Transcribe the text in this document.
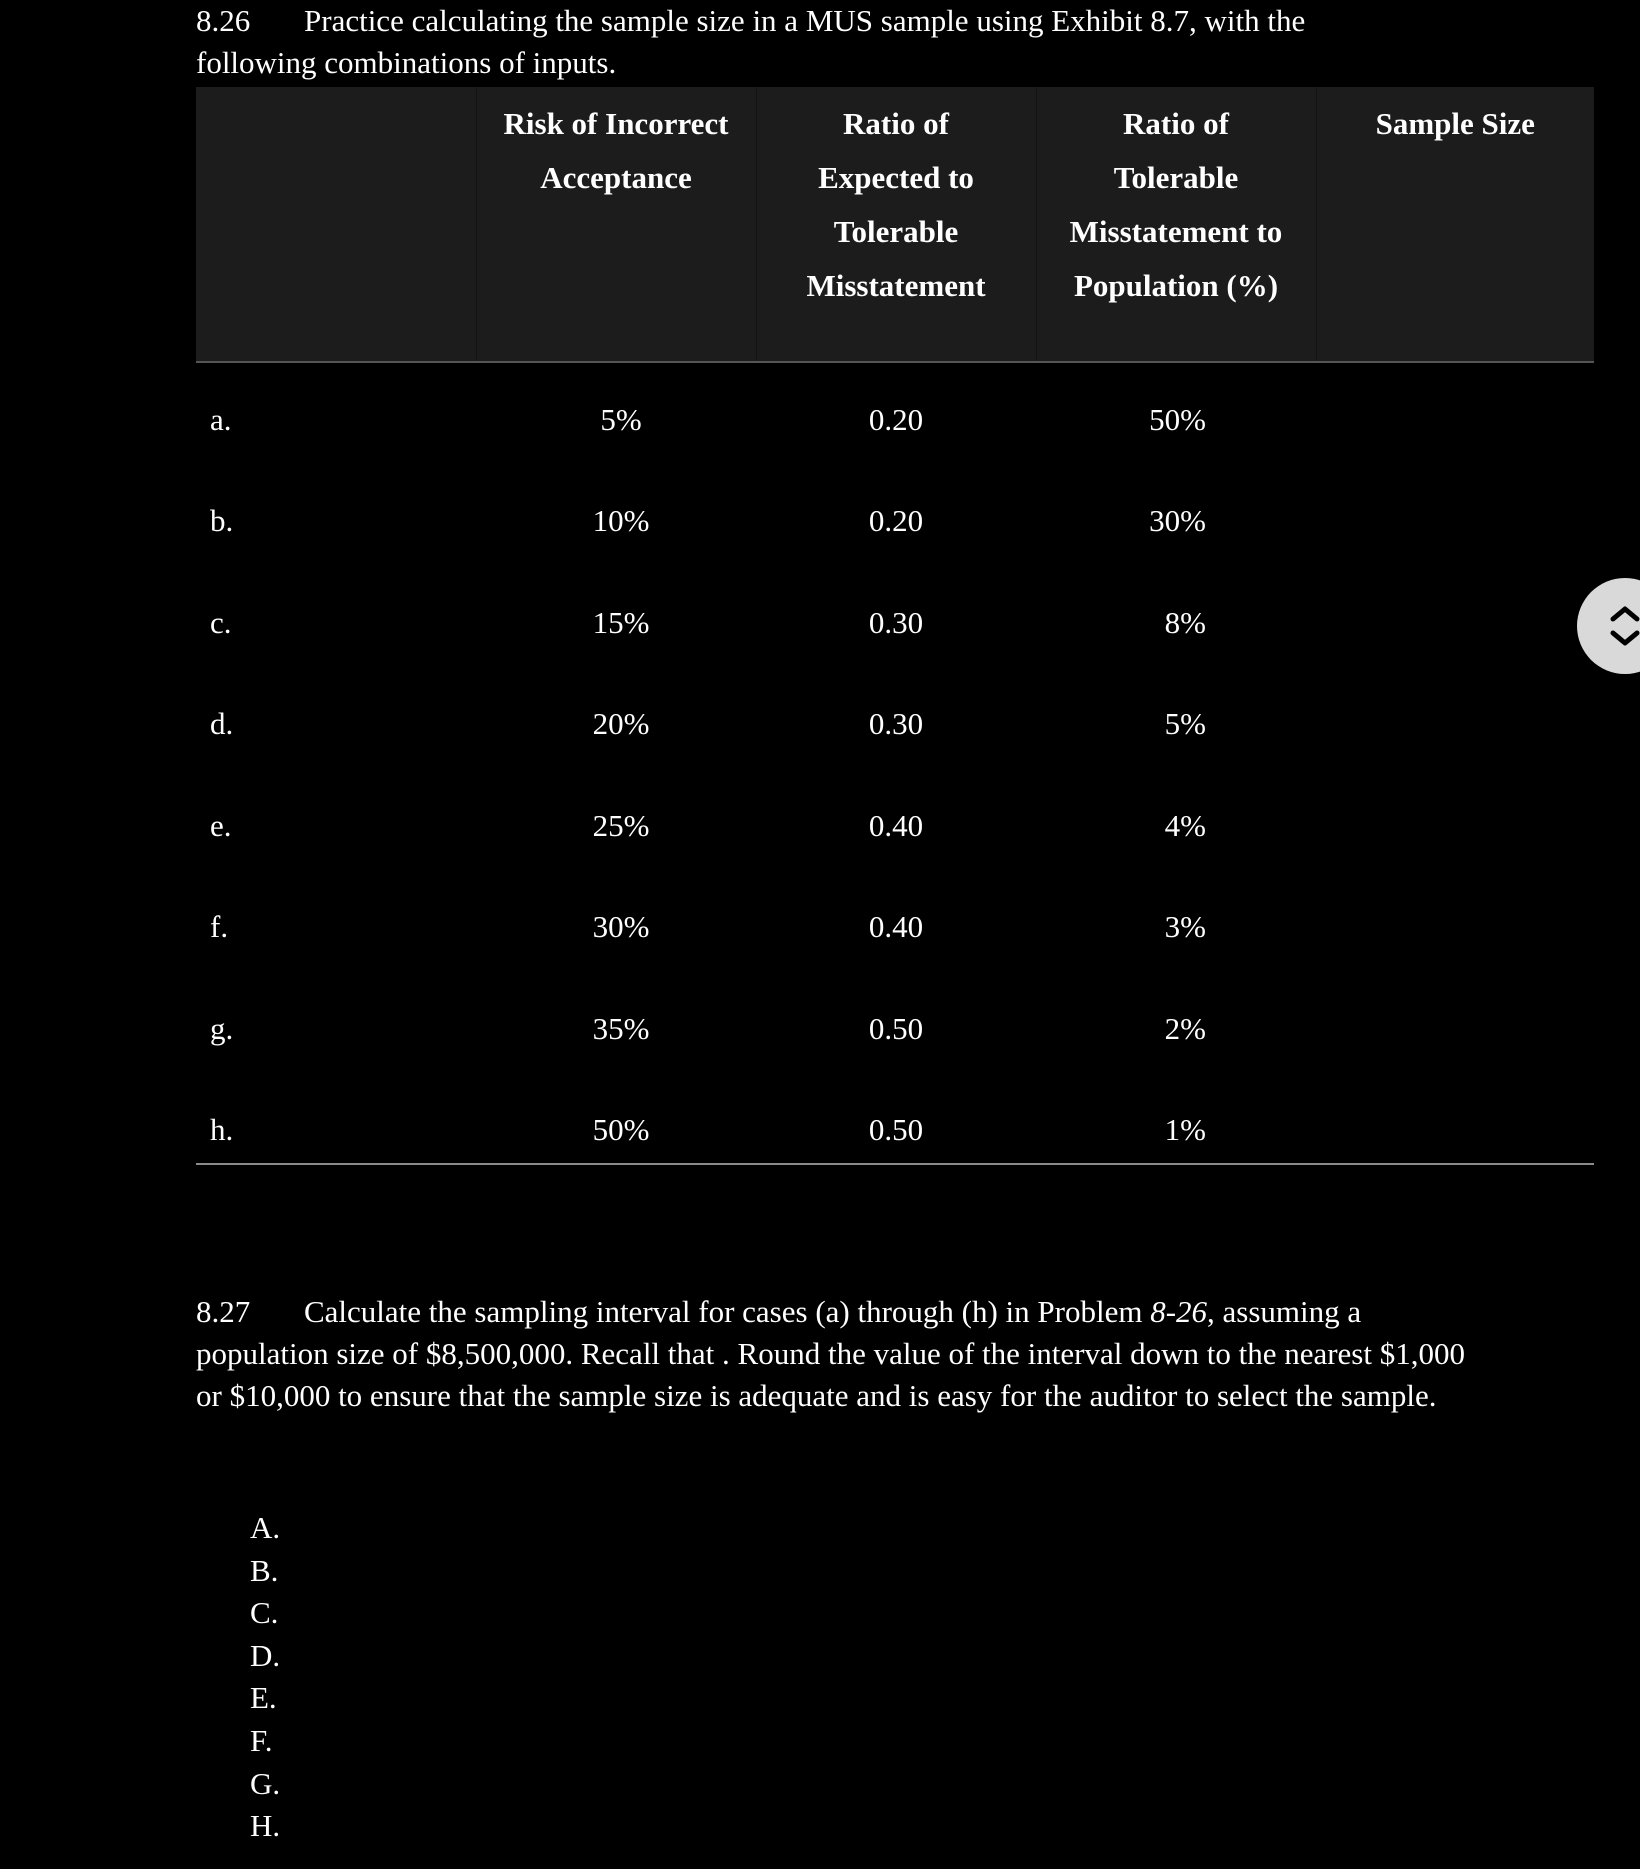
8.26 Practice calculating the sample size in a MUS sample using Exhibit 8.7, with the
following combinations of inputs.
	Risk of Incorrect
Acceptance	Ratio of
Expected to
Tolerable
Misstatement	Ratio of
Tolerable
Misstatement to
Population (%)	Sample Size
a.	5%	0.20	50%	
b.	10%	0.20	30%	
c.	15%	0.30	8%	
d.	20%	0.30	5%	
e.	25%	0.40	4%	
f.	30%	0.40	3%	
g.	35%	0.50	2%	
h.	50%	0.50	1%	
8.27 Calculate the sampling interval for cases (a) through (h) in Problem 8-26, assuming a population size of $8,500,000. Recall that . Round the value of the interval down to the nearest $1,000 or $10,000 to ensure that the sample size is adequate and is easy for the auditor to select the sample.
A.
B.
C.
D.
E.
F.
G.
H.
